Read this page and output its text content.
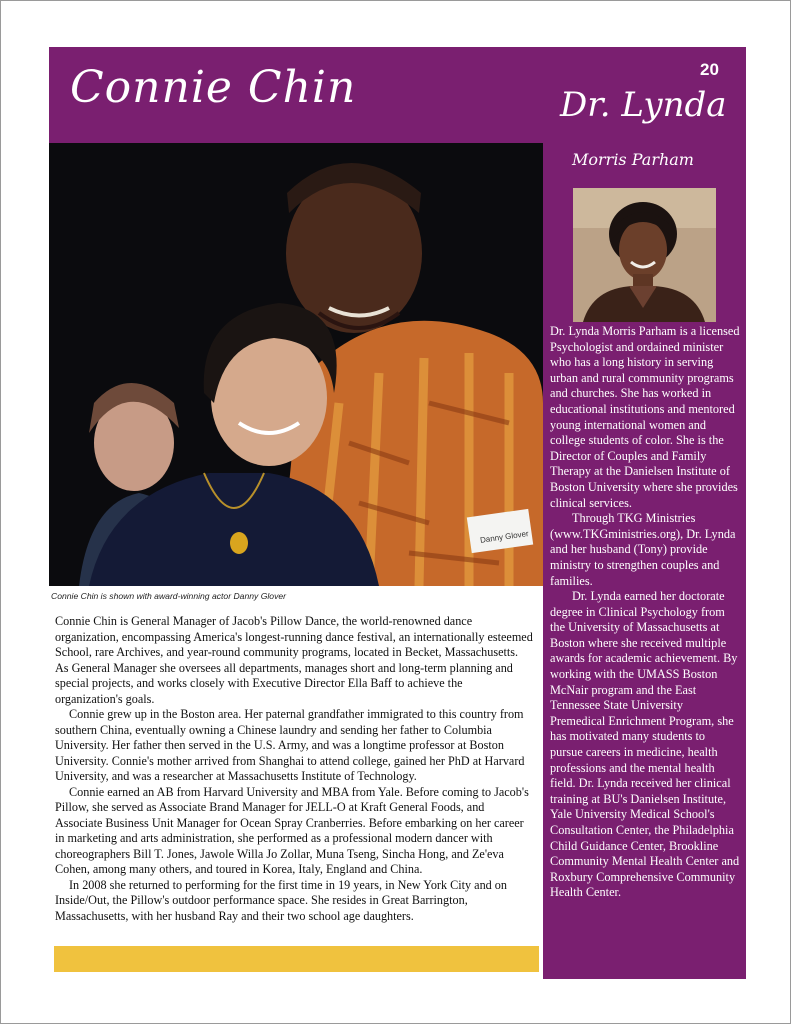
Connie Chin	20
Dr. Lynda
Morris Parham

Dr. Lynda Morris Parham is a licensed Psychologist and ordained minister who has a long history in serving urban and rural community programs and churches. She has worked in educational institutions and mentored young international women and college students of color. She is the Director of Couples and Family Therapy at the Danielsen Institute of Boston University where she provides clinical services.

Through TKG Ministries (www.TKGministries.org), Dr. Lynda and her husband (Tony) provide ministry to strengthen couples and families.

Dr. Lynda earned her doctorate degree in Clinical Psychology from the University of Massachusetts at Boston where she received multiple awards for academic achievement. By working with the UMASS Boston McNair program and the East Tennessee State University Premedical Enrichment Program, she has motivated many students to pursue careers in medicine, health professions and the mental health field. Dr. Lynda received her clinical training at BU's Danielsen Institute, Yale University Medical School's Consultation Center, the Philadelphia Child Guidance Center, Brookline Community Mental Health Center and Roxbury Comprehensive Community Health Center.

Danny Glover
Connie Chin is shown with award-winning actor Danny Glover

Connie Chin is General Manager of Jacob's Pillow Dance, the world-renowned dance organization, encompassing America's longest-running dance festival, an internationally esteemed School, rare Archives, and year-round community programs, located in Becket, Massachusetts. As General Manager she oversees all departments, manages short and long-term planning and special projects, and works closely with Executive Director Ella Baff to achieve the organization's goals.

Connie grew up in the Boston area. Her paternal grandfather immigrated to this country from southern China, eventually owning a Chinese laundry and sending her father to Columbia University. Her father then served in the U.S. Army, and was a longtime professor at Boston University. Connie's mother arrived from Shanghai to attend college, gained her PhD at Harvard University, and was a researcher at Massachusetts Institute of Technology.

Connie earned an AB from Harvard University and MBA from Yale. Before coming to Jacob's Pillow, she served as Associate Brand Manager for JELL-O at Kraft General Foods, and Associate Business Unit Manager for Ocean Spray Cranberries. Before embarking on her career in marketing and arts administration, she performed as a professional modern dancer with choreographers Bill T. Jones, Jawole Willa Jo Zollar, Muna Tseng, Sincha Hong, and Ze'eva Cohen, among many others, and toured in Korea, Italy, England and China.

In 2008 she returned to performing for the first time in 19 years, in New York City and on Inside/Out, the Pillow's outdoor performance space. She resides in Great Barrington, Massachusetts, with her husband Ray and their two school age daughters.
